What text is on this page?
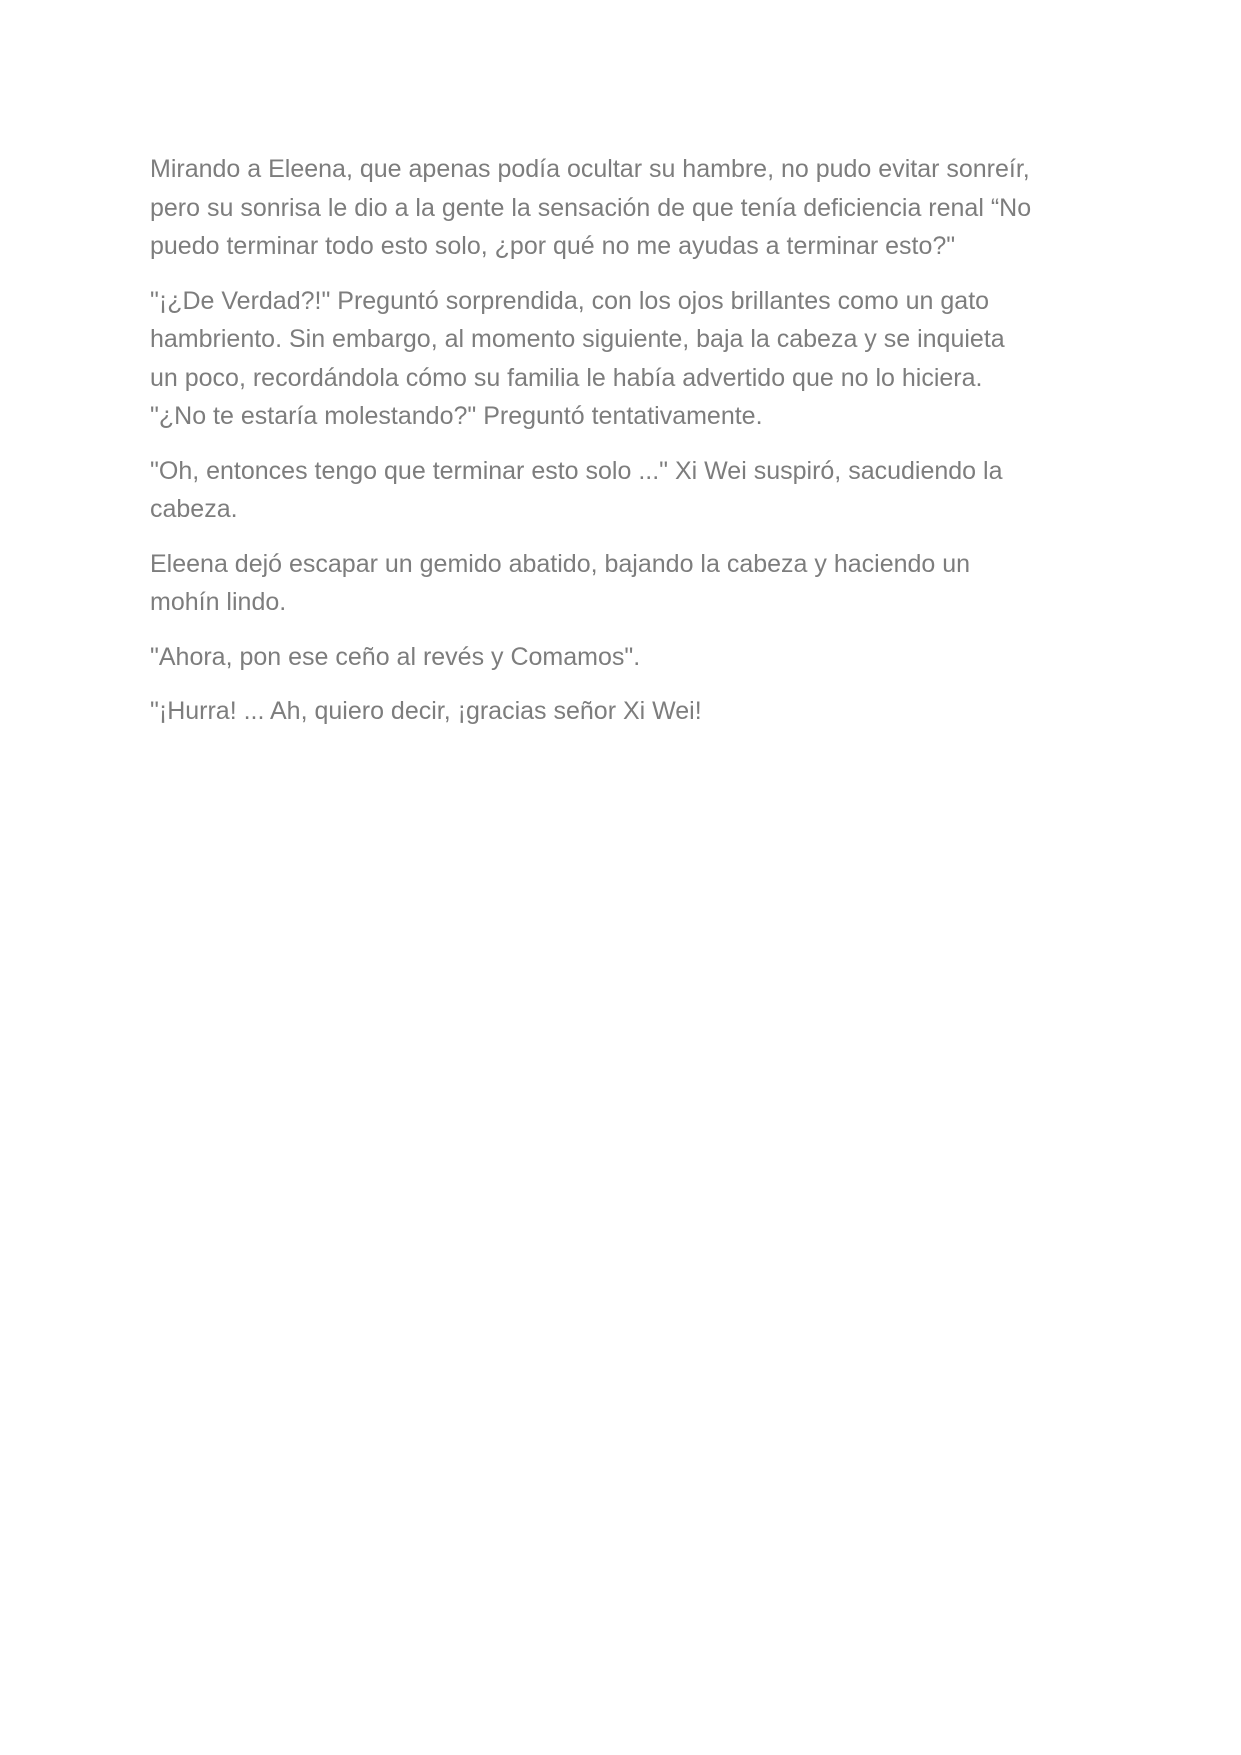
Mirando a Eleena, que apenas podía ocultar su hambre, no pudo evitar sonreír,
pero su sonrisa le dio a la gente la sensación de que tenía deficiencia renal “No
puedo terminar todo esto solo, ¿por qué no me ayudas a terminar esto?"

"¡¿De Verdad?!" Preguntó sorprendida, con los ojos brillantes como un gato
hambriento. Sin embargo, al momento siguiente, baja la cabeza y se inquieta
un poco, recordándola cómo su familia le había advertido que no lo hiciera.
"¿No te estaría molestando?" Preguntó tentativamente.

"Oh, entonces tengo que terminar esto solo ..." Xi Wei suspiró, sacudiendo la
cabeza.

Eleena dejó escapar un gemido abatido, bajando la cabeza y haciendo un
mohín lindo.

"Ahora, pon ese ceño al revés y Comamos".

"¡Hurra! ... Ah, quiero decir, ¡gracias señor Xi Wei!
